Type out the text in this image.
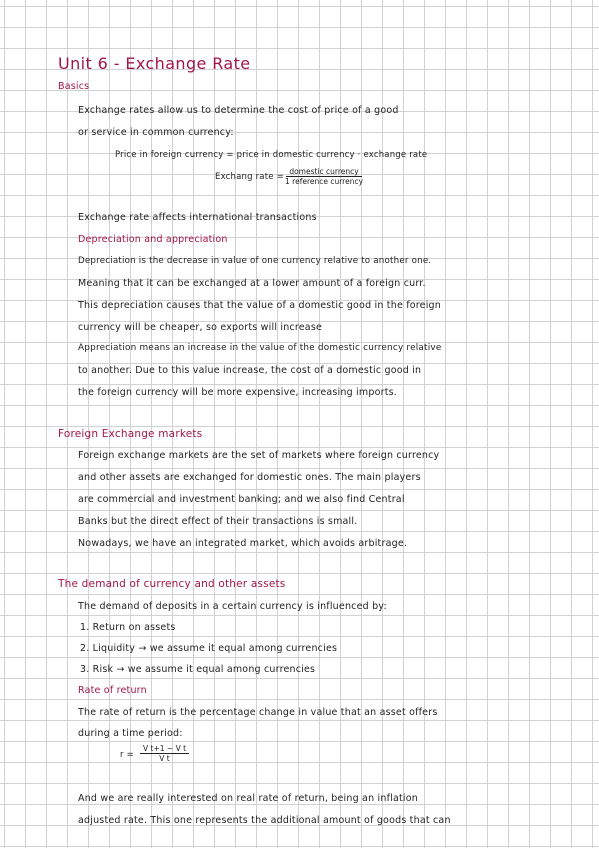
Unit 6 - Exchange Rate
Basics
Exchange rates allow us to determine the cost of price of a good
or service in common currency:
Price in foreign currency = price in domestic currency · exchange rate
Exchang rate =
domestic currency
1 reference currency
Exchange rate affects international transactions
Depreciation and appreciation
Depreciation is the decrease in value of one currency relative to another one.
Meaning that it can be exchanged at a lower amount of a foreign curr.
This depreciation causes that the value of a domestic good in the foreign
currency will be cheaper, so exports will increase
Appreciation means an increase in the value of the domestic currency relative
to another. Due to this value increase, the cost of a domestic good in
the foreign currency will be more expensive, increasing imports.
Foreign Exchange markets
Foreign exchange markets are the set of markets where foreign currency
and other assets are exchanged for domestic ones. The main players
are commercial and investment banking; and we also find Central
Banks but the direct effect of their transactions is small.
Nowadays, we have an integrated market, which avoids arbitrage.
The demand of currency and other assets
The demand of deposits in a certain currency is influenced by:
1. Return on assets
2. Liquidity → we assume it equal among currencies
3. Risk → we assume it equal among currencies
Rate of return
The rate of return is the percentage change in value that an asset offers
during a time period:
$r = \frac{\text{V t+1 − V t}}{\text{V t}}$
And we are really interested on real rate of return, being an inflation
adjusted rate. This one represents the additional amount of goods that can
